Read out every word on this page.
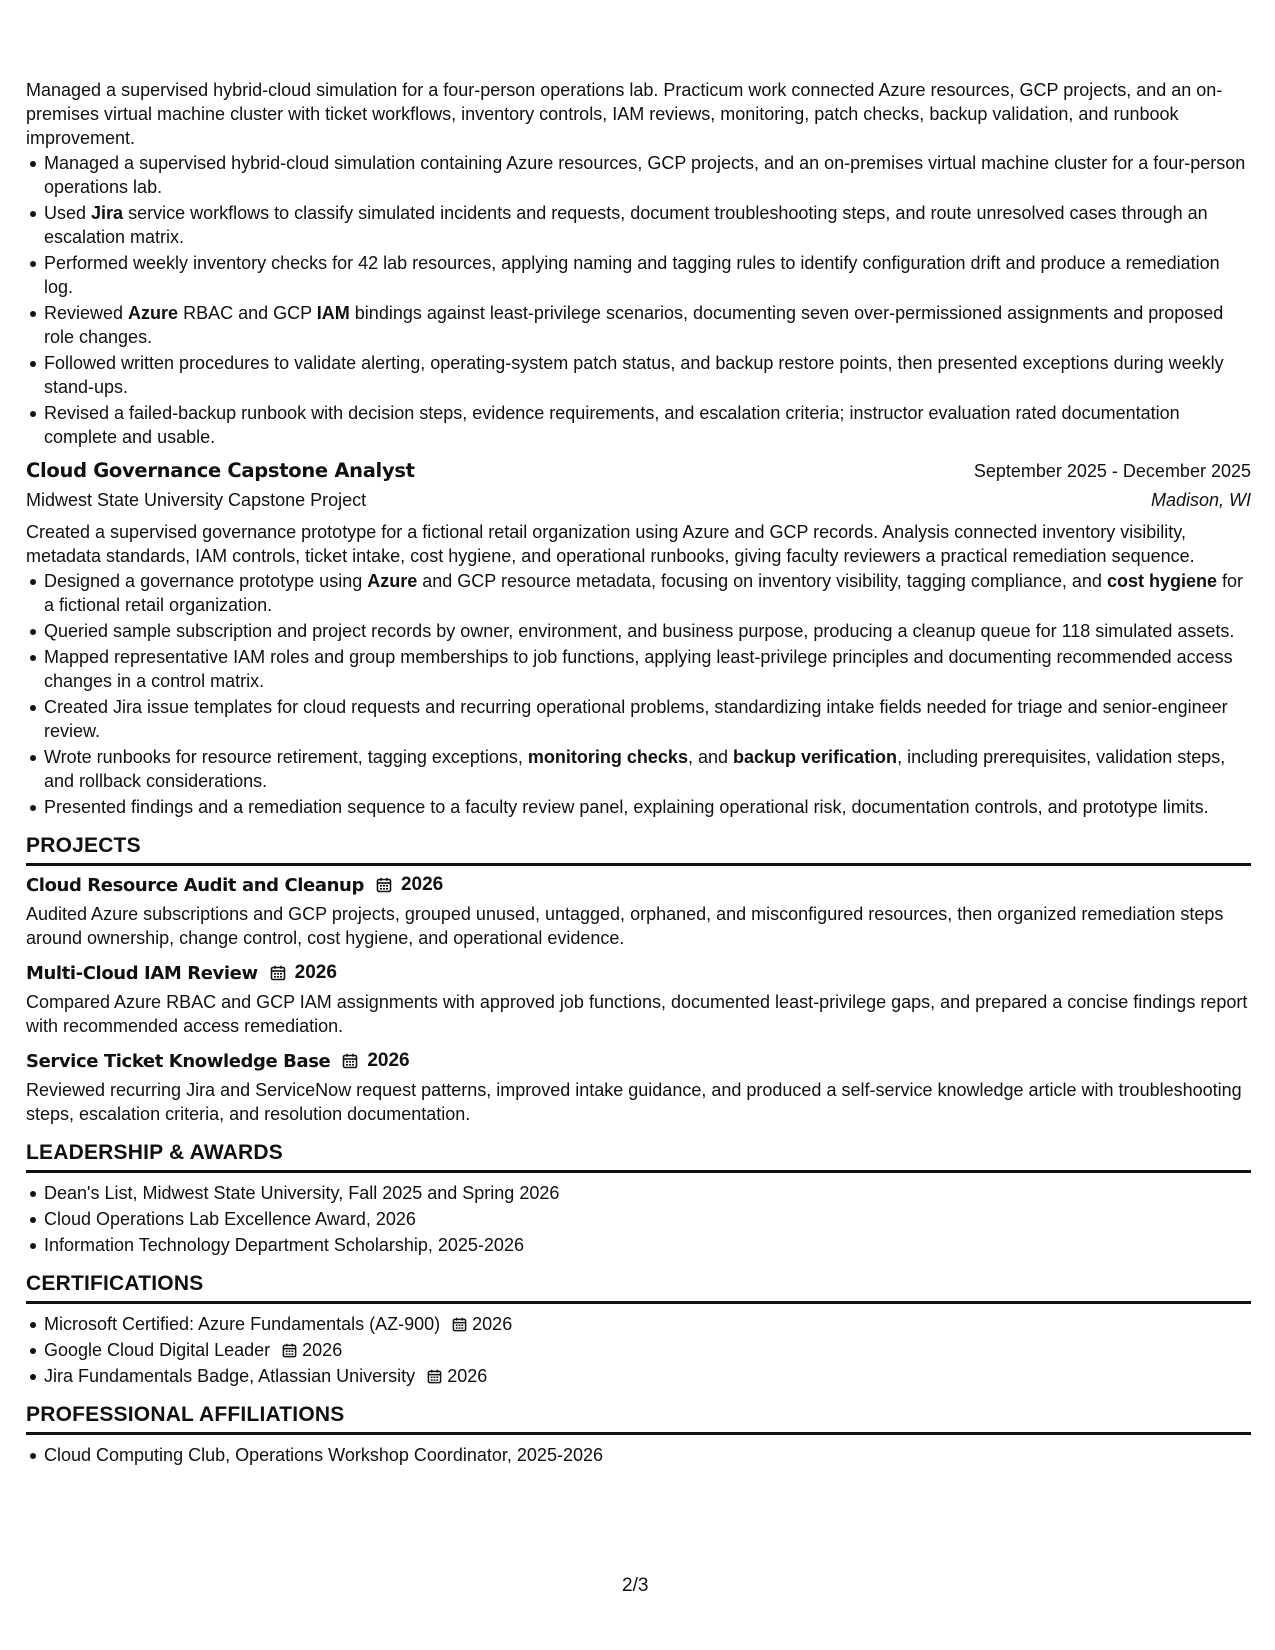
Managed a supervised hybrid-cloud simulation for a four-person operations lab. Practicum work connected Azure resources, GCP projects, and an on-premises virtual machine cluster with ticket workflows, inventory controls, IAM reviews, monitoring, patch checks, backup validation, and runbook improvement.

Managed a supervised hybrid-cloud simulation containing Azure resources, GCP projects, and an on-premises virtual machine cluster for a four-person operations lab.
Used Jira service workflows to classify simulated incidents and requests, document troubleshooting steps, and route unresolved cases through an escalation matrix.
Performed weekly inventory checks for 42 lab resources, applying naming and tagging rules to identify configuration drift and produce a remediation log.
Reviewed Azure RBAC and GCP IAM bindings against least-privilege scenarios, documenting seven over-permissioned assignments and proposed role changes.
Followed written procedures to validate alerting, operating-system patch status, and backup restore points, then presented exceptions during weekly stand-ups.
Revised a failed-backup runbook with decision steps, evidence requirements, and escalation criteria; instructor evaluation rated documentation complete and usable.
Cloud Governance Capstone Analyst	September 2025 - December 2025
Midwest State University Capstone Project	Madison, WI

Created a supervised governance prototype for a fictional retail organization using Azure and GCP records. Analysis connected inventory visibility, metadata standards, IAM controls, ticket intake, cost hygiene, and operational runbooks, giving faculty reviewers a practical remediation sequence.

Designed a governance prototype using Azure and GCP resource metadata, focusing on inventory visibility, tagging compliance, and cost hygiene for a fictional retail organization.
Queried sample subscription and project records by owner, environment, and business purpose, producing a cleanup queue for 118 simulated assets.
Mapped representative IAM roles and group memberships to job functions, applying least-privilege principles and documenting recommended access changes in a control matrix.
Created Jira issue templates for cloud requests and recurring operational problems, standardizing intake fields needed for triage and senior-engineer review.
Wrote runbooks for resource retirement, tagging exceptions, monitoring checks, and backup verification, including prerequisites, validation steps, and rollback considerations.
Presented findings and a remediation sequence to a faculty review panel, explaining operational risk, documentation controls, and prototype limits.
PROJECTS
Cloud Resource Audit and Cleanup 2026

Audited Azure subscriptions and GCP projects, grouped unused, untagged, orphaned, and misconfigured resources, then organized remediation steps around ownership, change control, cost hygiene, and operational evidence.

Multi-Cloud IAM Review 2026

Compared Azure RBAC and GCP IAM assignments with approved job functions, documented least-privilege gaps, and prepared a concise findings report with recommended access remediation.

Service Ticket Knowledge Base 2026

Reviewed recurring Jira and ServiceNow request patterns, improved intake guidance, and produced a self-service knowledge article with troubleshooting steps, escalation criteria, and resolution documentation.

LEADERSHIP & AWARDS
Dean's List, Midwest State University, Fall 2025 and Spring 2026
Cloud Operations Lab Excellence Award, 2026
Information Technology Department Scholarship, 2025-2026
CERTIFICATIONS
Microsoft Certified: Azure Fundamentals (AZ-900) 2026
Google Cloud Digital Leader 2026
Jira Fundamentals Badge, Atlassian University 2026
PROFESSIONAL AFFILIATIONS
Cloud Computing Club, Operations Workshop Coordinator, 2025-2026
2/3
